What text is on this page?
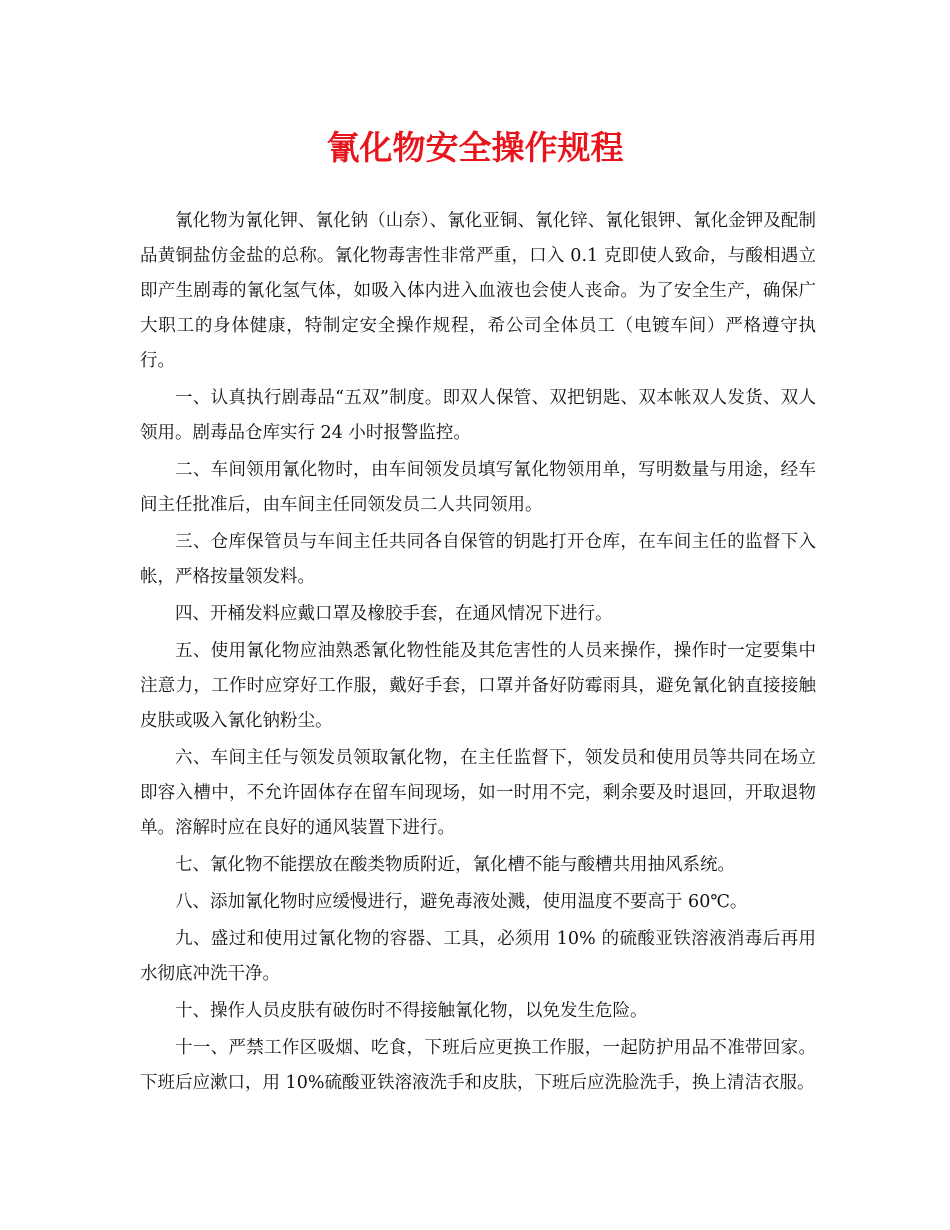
氰化物安全操作规程

氰化物为氰化钾、氰化钠（山奈）、氰化亚铜、氰化锌、氰化银钾、氰化金钾及配制品黄铜盐仿金盐的总称。氰化物毒害性非常严重，口入 0.1 克即使人致命，与酸相遇立即产生剧毒的氰化氢气体，如吸入体内进入血液也会使人丧命。为了安全生产，确保广大职工的身体健康，特制定安全操作规程，希公司全体员工（电镀车间）严格遵守执行。

一、认真执行剧毒品“五双”制度。即双人保管、双把钥匙、双本帐双人发货、双人领用。剧毒品仓库实行 24 小时报警监控。

二、车间领用氰化物时，由车间领发员填写氰化物领用单，写明数量与用途，经车间主任批准后，由车间主任同领发员二人共同领用。

三、仓库保管员与车间主任共同各自保管的钥匙打开仓库，在车间主任的监督下入帐，严格按量领发料。

四、开桶发料应戴口罩及橡胶手套，在通风情况下进行。

五、使用氰化物应油熟悉氰化物性能及其危害性的人员来操作，操作时一定要集中注意力，工作时应穿好工作服，戴好手套，口罩并备好防霉雨具，避免氰化钠直接接触皮肤或吸入氰化钠粉尘。

六、车间主任与领发员领取氰化物，在主任监督下，领发员和使用员等共同在场立即容入槽中，不允许固体存在留车间现场，如一时用不完，剩余要及时退回，开取退物单。溶解时应在良好的通风装置下进行。

七、氰化物不能摆放在酸类物质附近，氰化槽不能与酸槽共用抽风系统。

八、添加氰化物时应缓慢进行，避免毒液处溅，使用温度不要高于 60℃。

九、盛过和使用过氰化物的容器、工具，必须用 10% 的硫酸亚铁溶液消毒后再用水彻底冲洗干净。

十、操作人员皮肤有破伤时不得接触氰化物，以免发生危险。

十一、严禁工作区吸烟、吃食，下班后应更换工作服，一起防护用品不准带回家。下班后应漱口，用 10%硫酸亚铁溶液洗手和皮肤，下班后应洗脸洗手，换上清洁衣服。
